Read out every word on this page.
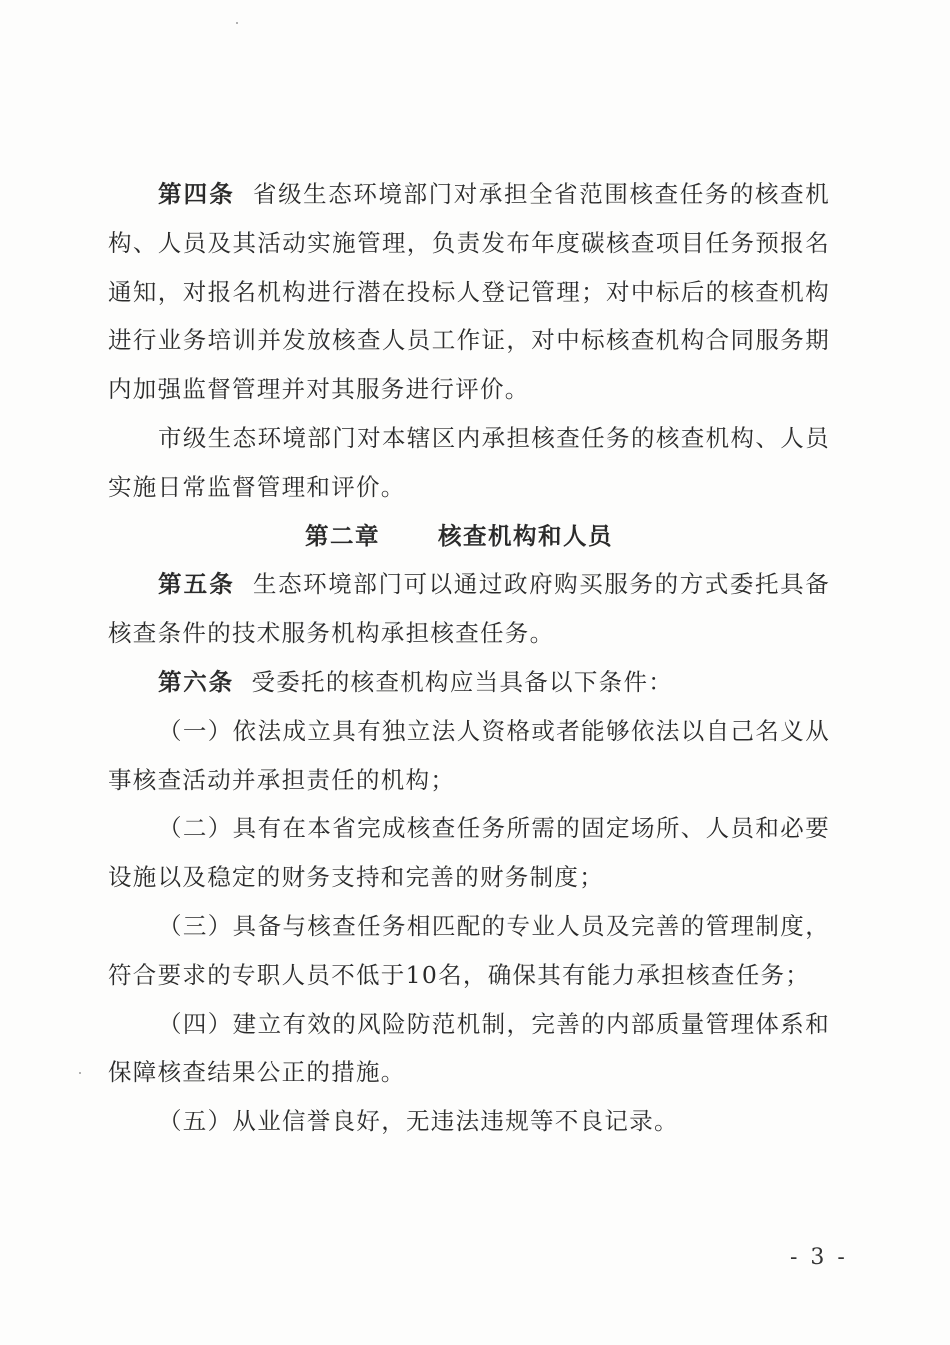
第四条 省级生态环境部门对承担全省范围核查任务的核查机构、人员及其活动实施管理，负责发布年度碳核查项目任务预报名通知，对报名机构进行潜在投标人登记管理；对中标后的核查机构进行业务培训并发放核查人员工作证，对中标核查机构合同服务期内加强监督管理并对其服务进行评价。

市级生态环境部门对本辖区内承担核查任务的核查机构、人员实施日常监督管理和评价。

第二章 核查机构和人员

第五条 生态环境部门可以通过政府购买服务的方式委托具备核查条件的技术服务机构承担核查任务。

第六条 受委托的核查机构应当具备以下条件：

（一）依法成立具有独立法人资格或者能够依法以自己名义从事核查活动并承担责任的机构；

（二）具有在本省完成核查任务所需的固定场所、人员和必要设施以及稳定的财务支持和完善的财务制度；

（三）具备与核查任务相匹配的专业人员及完善的管理制度，符合要求的专职人员不低于10名，确保其有能力承担核查任务；

（四）建立有效的风险防范机制，完善的内部质量管理体系和保障核查结果公正的措施。

（五）从业信誉良好，无违法违规等不良记录。

- 3 -
